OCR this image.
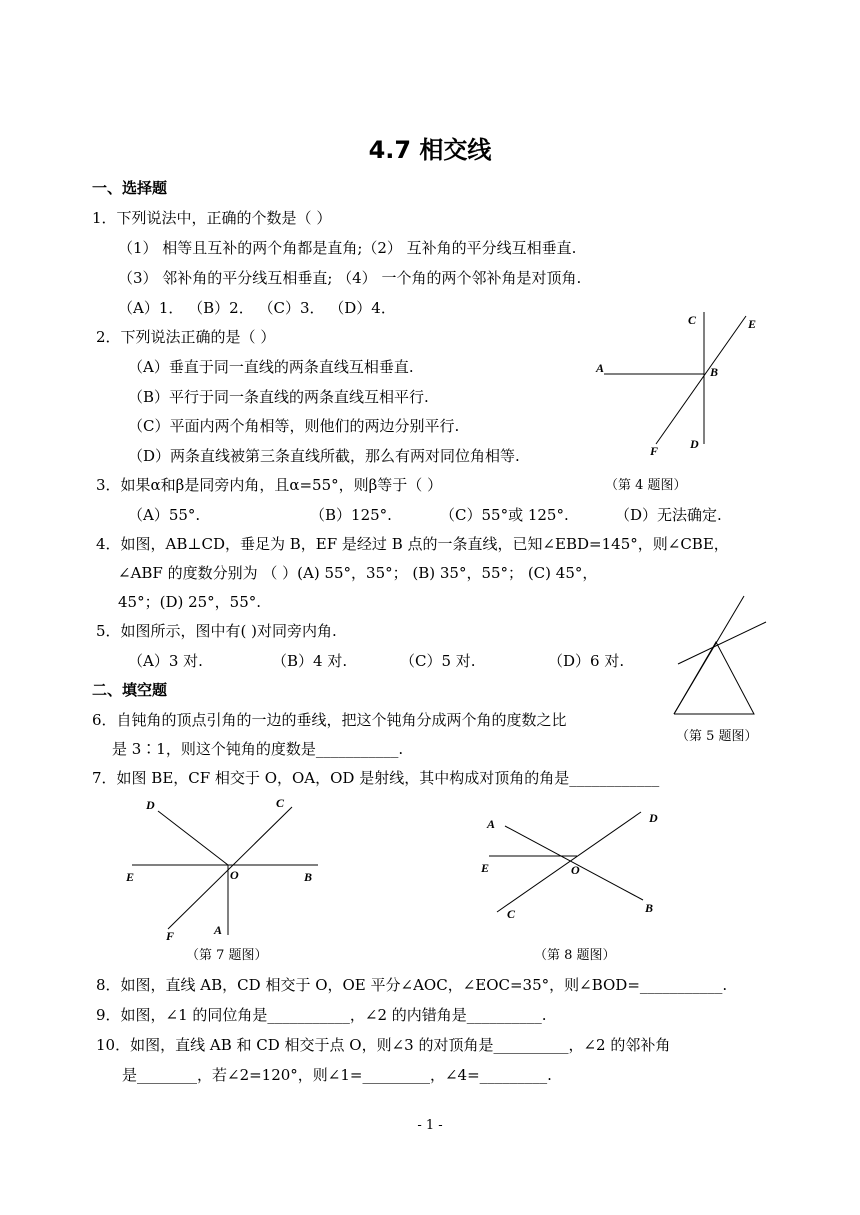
4.7 相交线
一、选择题
1．下列说法中，正确的个数是（ ）
（1） 相等且互补的两个角都是直角;（2） 互补角的平分线互相垂直.
（3） 邻补角的平分线互相垂直; （4） 一个角的两个邻补角是对顶角.
（A）1． （B）2． （C）3． （D）4．
2．下列说法正确的是（ ）
（A）垂直于同一直线的两条直线互相垂直.
（B）平行于同一条直线的两条直线互相平行.
（C）平面内两个角相等，则他们的两边分别平行.
（D）两条直线被第三条直线所截，那么有两对同位角相等.
C	E
A	B
F	D
3．如果α和β是同旁内角，且α=55°，则β等于（ ）	（第 4 题图）
（A）55°.	（B）125°.	（C）55°或 125°.	（D）无法确定.
4．如图，AB⊥CD，垂足为 B，EF 是经过 B 点的一条直线，已知∠EBD=145°，则∠CBE，
∠ABF 的度数分别为 （ ）(A) 55°，35°； (B) 35°，55°； (C) 45°，
45°；(D) 25°，55°.
5．如图所示，图中有( )对同旁内角.
（A）3 对.	（B）4 对.	（C）5 对.	（D）6 对.
二、填空题
6．自钝角的顶点引角的一边的垂线，把这个钝角分成两个角的度数之比
是 3∶1，则这个钝角的度数是___________.
（第 5 题图）
7．如图 BE，CF 相交于 O，OA，OD 是射线，其中构成对顶角的角是____________
D	C
E	O	B
F	A
A	D
E	O
C	B
（第 7 题图）	（第 8 题图）
8．如图，直线 AB，CD 相交于 O，OE 平分∠AOC，∠EOC=35°，则∠BOD=___________.
9．如图，∠1 的同位角是___________，∠2 的内错角是__________.
10．如图，直线 AB 和 CD 相交于点 O，则∠3 的对顶角是__________，∠2 的邻补角
是________，若∠2=120°，则∠1=_________，∠4=_________.
- 1 -
